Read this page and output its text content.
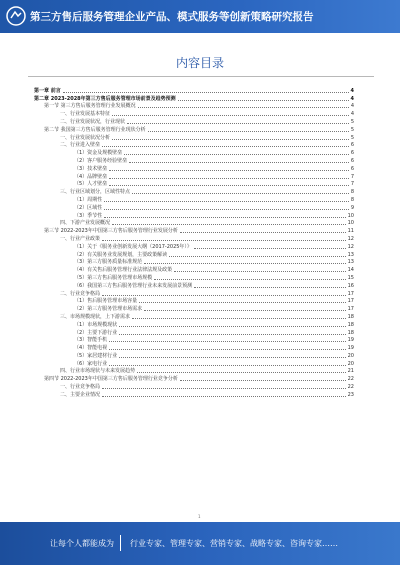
第三方售后服务管理企业产品、模式服务等创新策略研究报告
内容目录
第一章 前言	4
第二章 2023-2028年第三方售后服务管理市场前景及趋势预测	4
第一节 第三方售后服务管理行业发展概况	4
一、行业发展基本特征	4
二、行业发展状况，行业现状	5
第二节 我国第三方售后服务管理行业现状分析	5
一、行业发展状况分析	5
二、行业进入壁垒	6
（1）资金及规模壁垒	6
（2）客户服务经验壁垒	6
（3）技术壁垒	6
（4）品牌壁垒	7
（5）人才壁垒	7
三、行业区域划分，区域性特点	8
（1）周期性	8
（2）区域性	9
（3）季节性	10
四、下游产业发展概况	10
第三节 2022-2023年中国第三方售后服务管理行业发展分析	11
一、行业产业政策	12
（1）关于《服务业创新发展大纲（2017-2025年）》	12
（2）有关服务业发展规划，主要政策解读	13
（3）第三方服务质量标准规范	13
（4）有关售后服务管理行业法律法规及政策	14
（5）第三方售后服务管理市场规模	15
（6）我国第三方售后服务管理行业未来发展前景预测	16
二、行业竞争格局	17
（1）售后服务管理市场容量	17
（2）第三方服务管理市场需求	17
三、市场规模现状，上下游需求	18
（1）市场规模现状	18
（2）主要下游行业	18
（3）智能手机	19
（4）智能电视	19
（5）家居建材行业	20
（6）家电行业	20
四、行业市场现状与未来发展趋势	21
第四节 2022-2023年中国第三方售后服务管理行业竞争分析	22
一、行业竞争格局	22
二、主要企业情况	23
1
让每个人都能成为 行业专家、管理专家、营销专家、战略专家、咨询专家……
